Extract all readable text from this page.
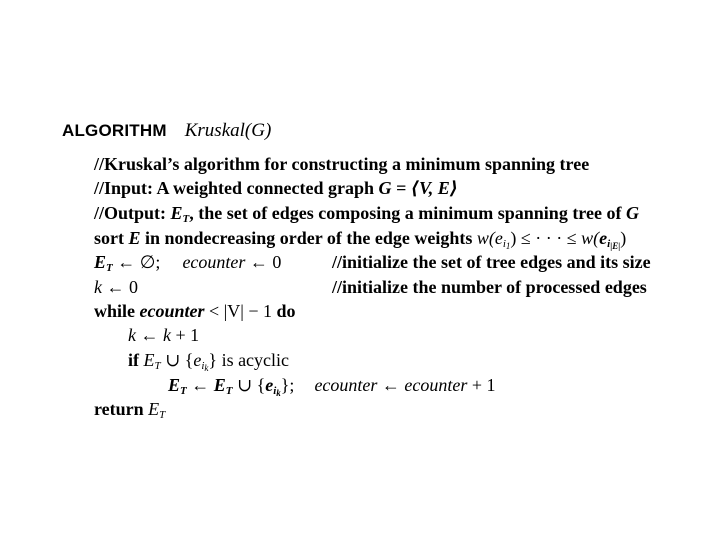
ALGORITHM Kruskal(G)
//Kruskal’s algorithm for constructing a minimum spanning tree
//Input: A weighted connected graph G = ⟨V, E⟩
//Output: $E_T$, the set of edges composing a minimum spanning tree of G
sort E in nondecreasing order of the edge weights $w(e_{i_1})$ ≤ · · · ≤ $w(e_{i_{|E|}})$
$E_T$ ← ∅; ecounter ← 0	//initialize the set of tree edges and its size
k ← 0	//initialize the number of processed edges
while ecounter < |V| − 1 do
k ← k + 1
if $E_T$ ∪ $\{e_{i_k}\}$ is acyclic
$E_T$ ← $E_T$ ∪ $\{e_{i_k}\}$; ecounter ← ecounter + 1
return $E_T$
